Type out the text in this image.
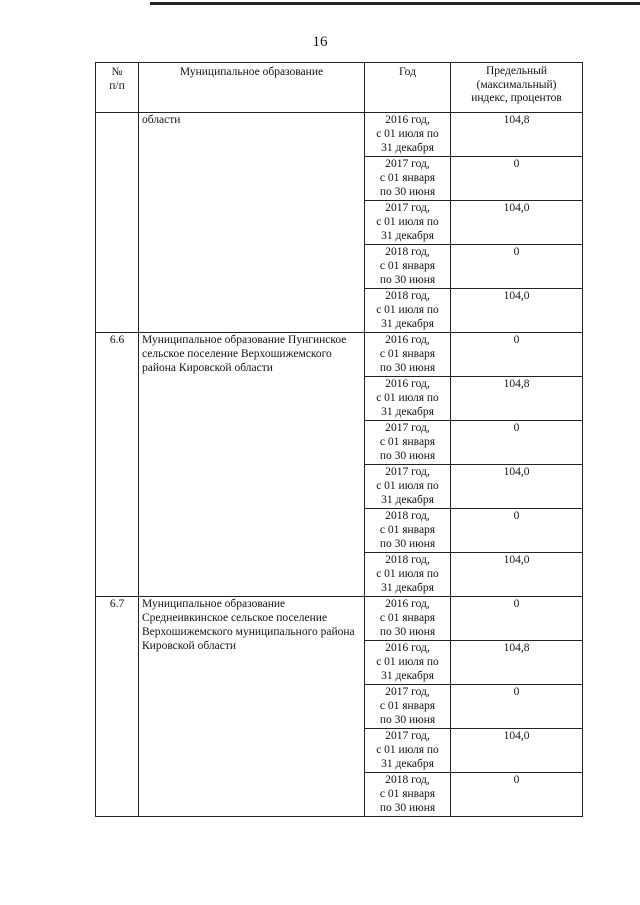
16
№
п/п	Муниципальное образование	Год	Предельный
(максимальный)
индекс, процентов
	области	2016 год,
с 01 июля по
31 декабря	104,8
		2017 год,
с 01 января
по 30 июня	0
		2017 год,
с 01 июля по
31 декабря	104,0
		2018 год,
с 01 января
по 30 июня	0
		2018 год,
с 01 июля по
31 декабря	104,0
6.6	Муниципальное образование Пунгинское сельское поселение Верхошижемского района Кировской области	2016 год,
с 01 января
по 30 июня	0
		2016 год,
с 01 июля по
31 декабря	104,8
		2017 год,
с 01 января
по 30 июня	0
		2017 год,
с 01 июля по
31 декабря	104,0
		2018 год,
с 01 января
по 30 июня	0
		2018 год,
с 01 июля по
31 декабря	104,0
6.7	Муниципальное образование Среднеивкинское сельское поселение Верхошижемского муниципального района Кировской области	2016 год,
с 01 января
по 30 июня	0
		2016 год,
с 01 июля по
31 декабря	104,8
		2017 год,
с 01 января
по 30 июня	0
		2017 год,
с 01 июля по
31 декабря	104,0
		2018 год,
с 01 января
по 30 июня	0
